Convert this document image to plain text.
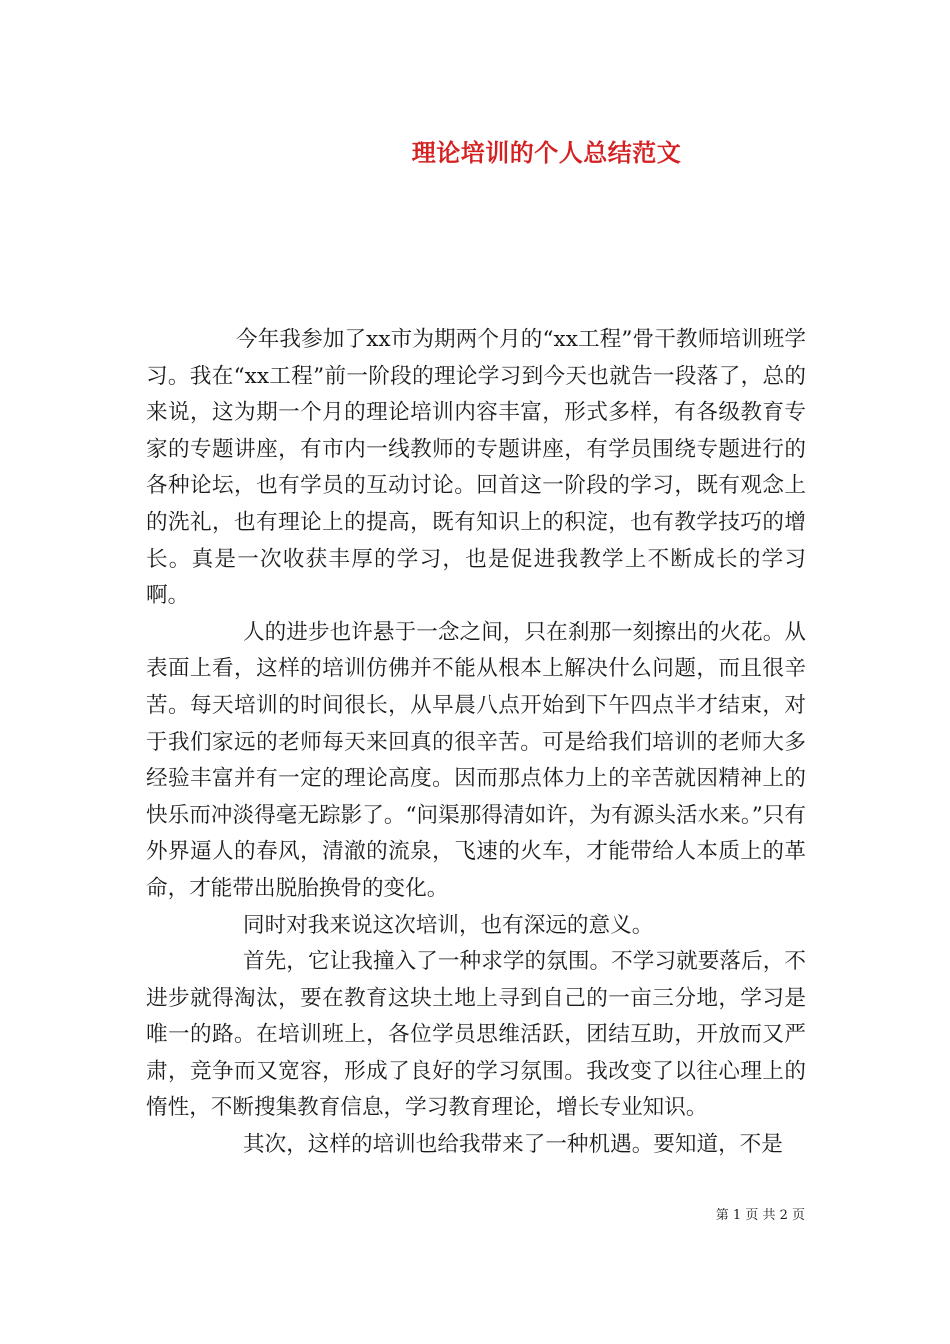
理论培训的个人总结范文

今年我参加了xx市为期两个月的“xx工程”骨干教师培训班学习。我在“xx工程”前一阶段的理论学习到今天也就告一段落了，总的来说，这为期一个月的理论培训内容丰富，形式多样，有各级教育专家的专题讲座，有市内一线教师的专题讲座，有学员围绕专题进行的各种论坛，也有学员的互动讨论。回首这一阶段的学习，既有观念上的洗礼，也有理论上的提高，既有知识上的积淀，也有教学技巧的增长。真是一次收获丰厚的学习，也是促进我教学上不断成长的学习啊。

人的进步也许悬于一念之间，只在刹那一刻擦出的火花。从表面上看，这样的培训仿佛并不能从根本上解决什么问题，而且很辛苦。每天培训的时间很长，从早晨八点开始到下午四点半才结束，对于我们家远的老师每天来回真的很辛苦。可是给我们培训的老师大多经验丰富并有一定的理论高度。因而那点体力上的辛苦就因精神上的快乐而冲淡得毫无踪影了。“问渠那得清如许，为有源头活水来。”只有外界逼人的春风，清澈的流泉，飞速的火车，才能带给人本质上的革命，才能带出脱胎换骨的变化。

同时对我来说这次培训，也有深远的意义。

首先，它让我撞入了一种求学的氛围。不学习就要落后，不进步就得淘汰，要在教育这块土地上寻到自己的一亩三分地，学习是唯一的路。在培训班上，各位学员思维活跃，团结互助，开放而又严肃，竞争而又宽容，形成了良好的学习氛围。我改变了以往心理上的惰性，不断搜集教育信息，学习教育理论，增长专业知识。

其次，这样的培训也给我带来了一种机遇。要知道，不是

第 1 页 共 2 页
